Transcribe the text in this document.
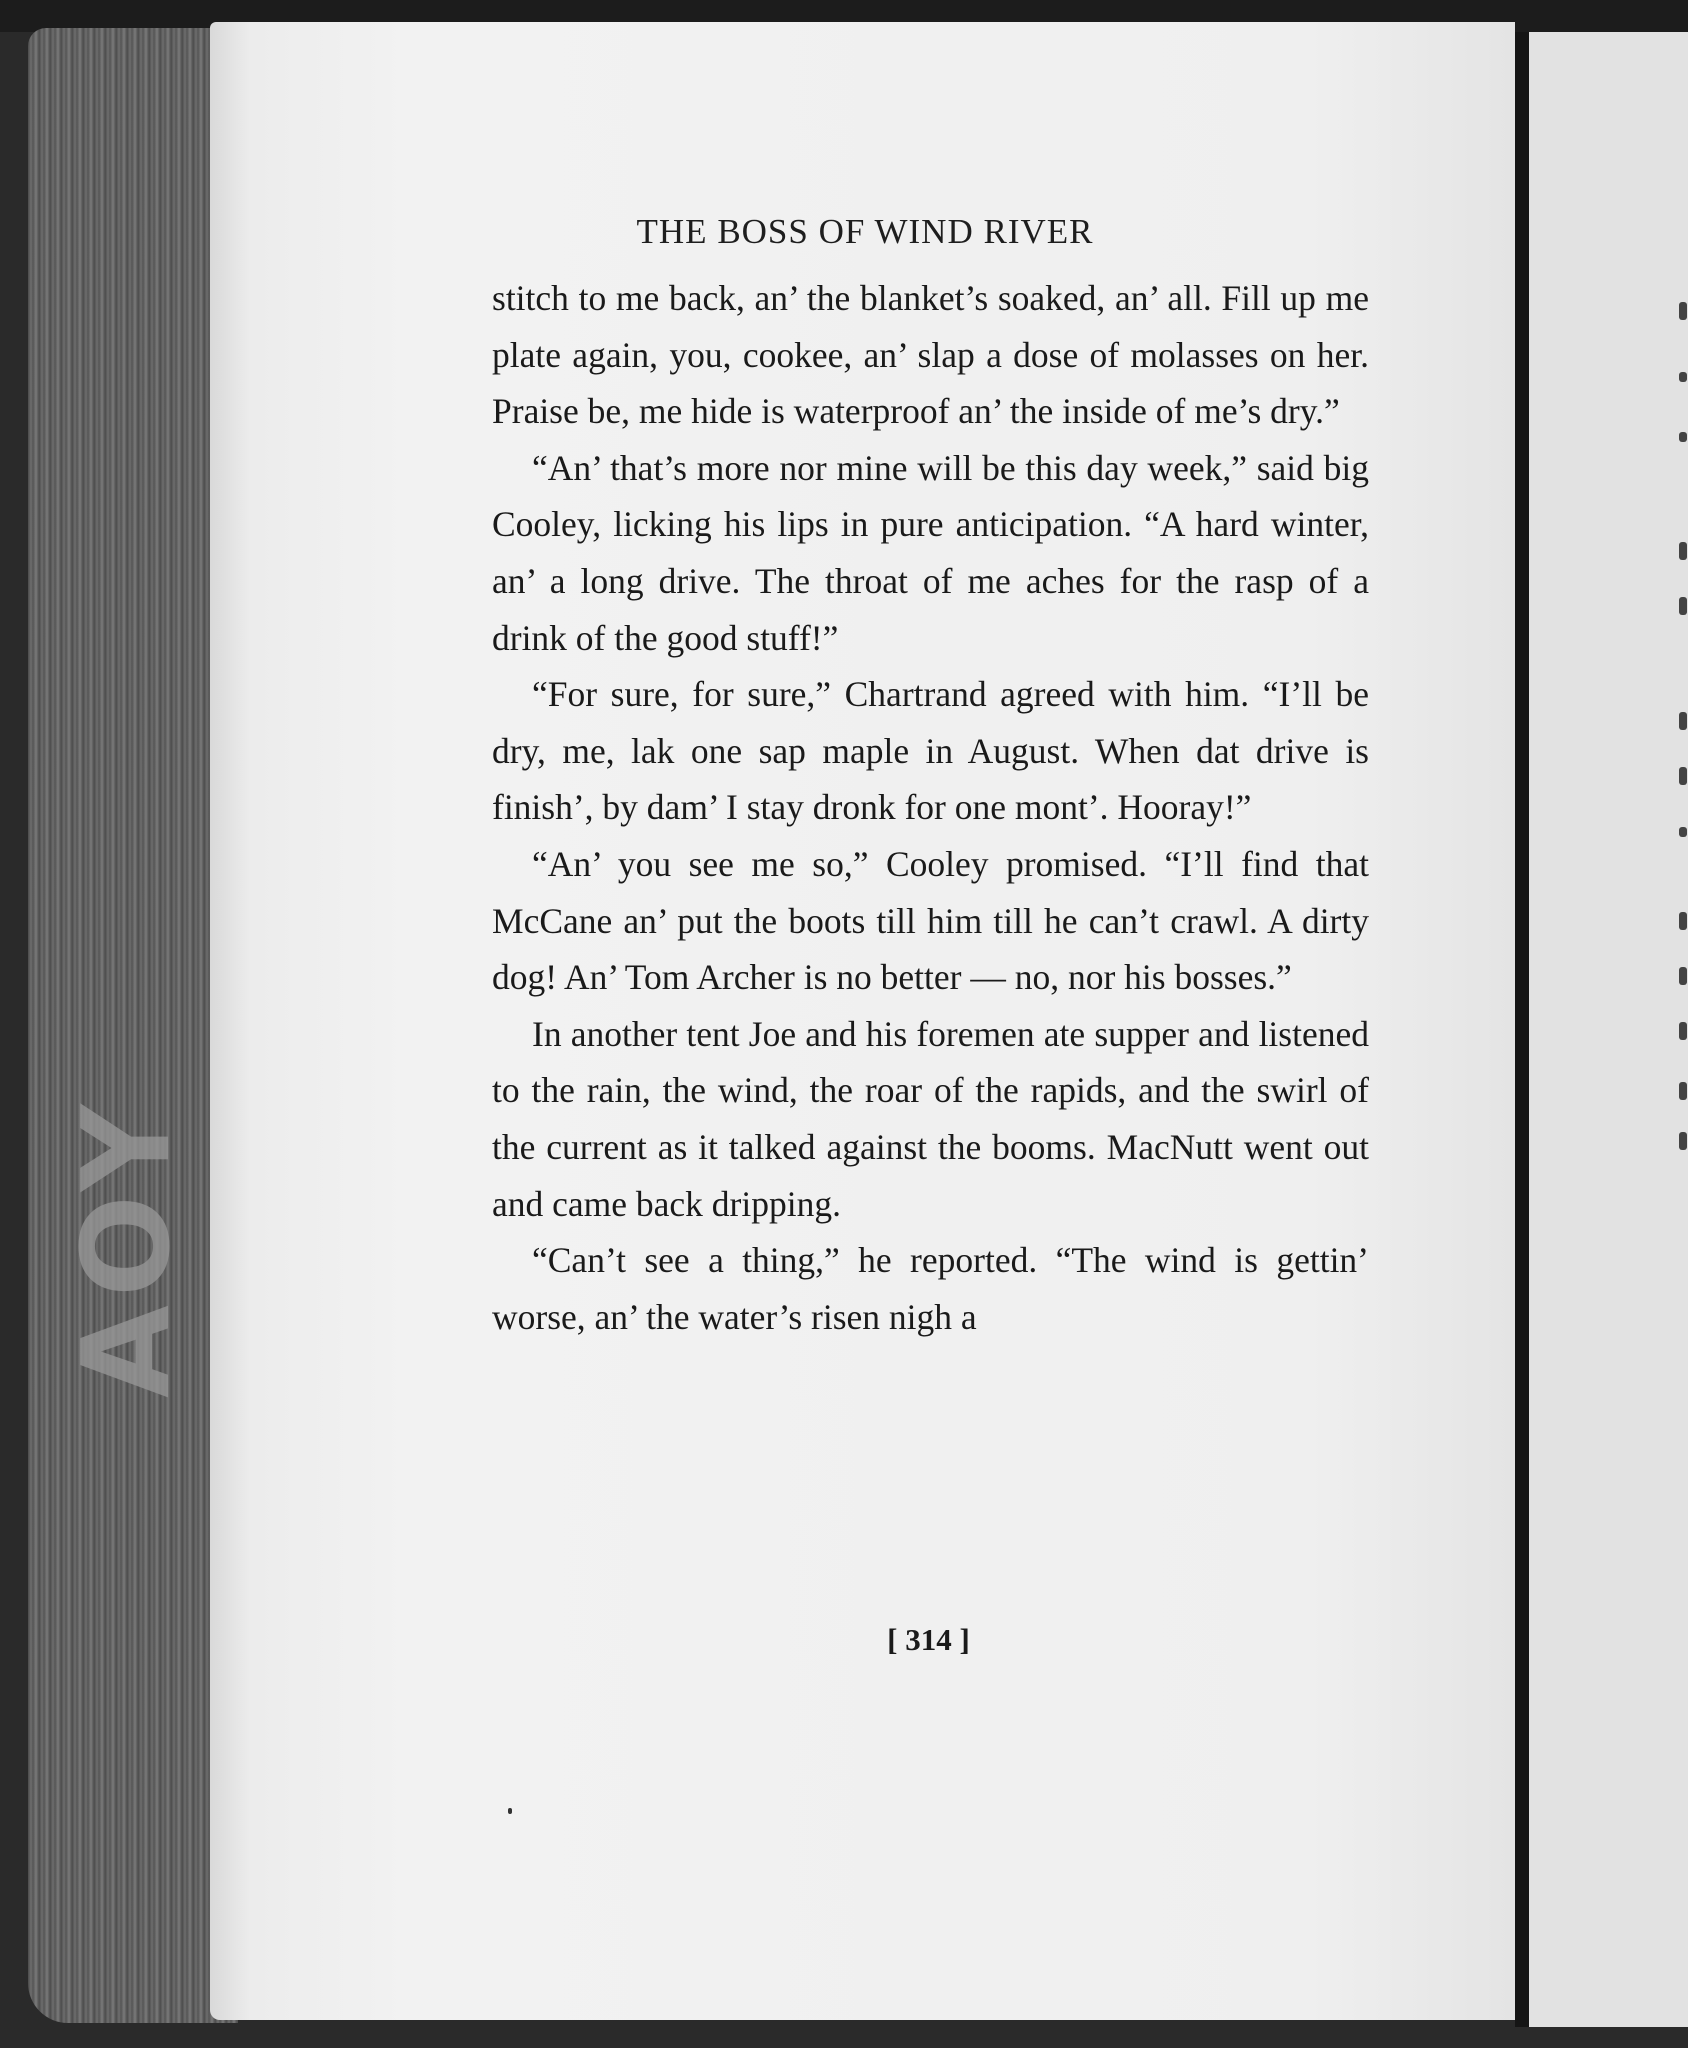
AOY
THE BOSS OF WIND RIVER

stitch to me back, an’ the blanket’s soaked, an’ all. Fill up me plate again, you, cookee, an’ slap a dose of molasses on her. Praise be, me hide is waterproof an’ the inside of me’s dry.”

“An’ that’s more nor mine will be this day week,” said big Cooley, licking his lips in pure anticipation. “A hard winter, an’ a long drive. The throat of me aches for the rasp of a drink of the good stuff!”

“For sure, for sure,” Chartrand agreed with him. “I’ll be dry, me, lak one sap maple in August. When dat drive is finish’, by dam’ I stay dronk for one mont’. Hooray!”

“An’ you see me so,” Cooley promised. “I’ll find that McCane an’ put the boots till him till he can’t crawl. A dirty dog! An’ Tom Archer is no better — no, nor his bosses.”

In another tent Joe and his foremen ate supper and listened to the rain, the wind, the roar of the rapids, and the swirl of the current as it talked against the booms. MacNutt went out and came back dripping.

“Can’t see a thing,” he reported. “The wind is gettin’ worse, an’ the water’s risen nigh a

[ 314 ]
